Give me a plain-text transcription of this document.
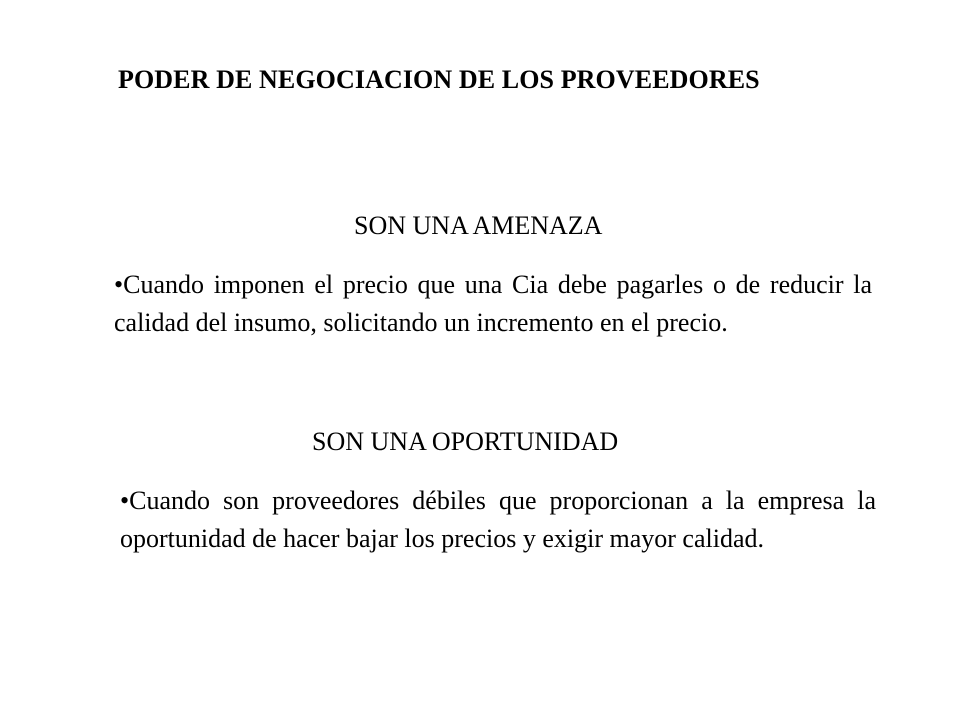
PODER DE NEGOCIACION DE LOS PROVEEDORES
SON UNA AMENAZA
•Cuando imponen el precio que una Cia debe pagarles o de reducir la calidad del insumo, solicitando un incremento en el precio.
SON UNA OPORTUNIDAD
•Cuando son proveedores débiles que proporcionan a la empresa la oportunidad de hacer bajar los precios y exigir mayor calidad.
